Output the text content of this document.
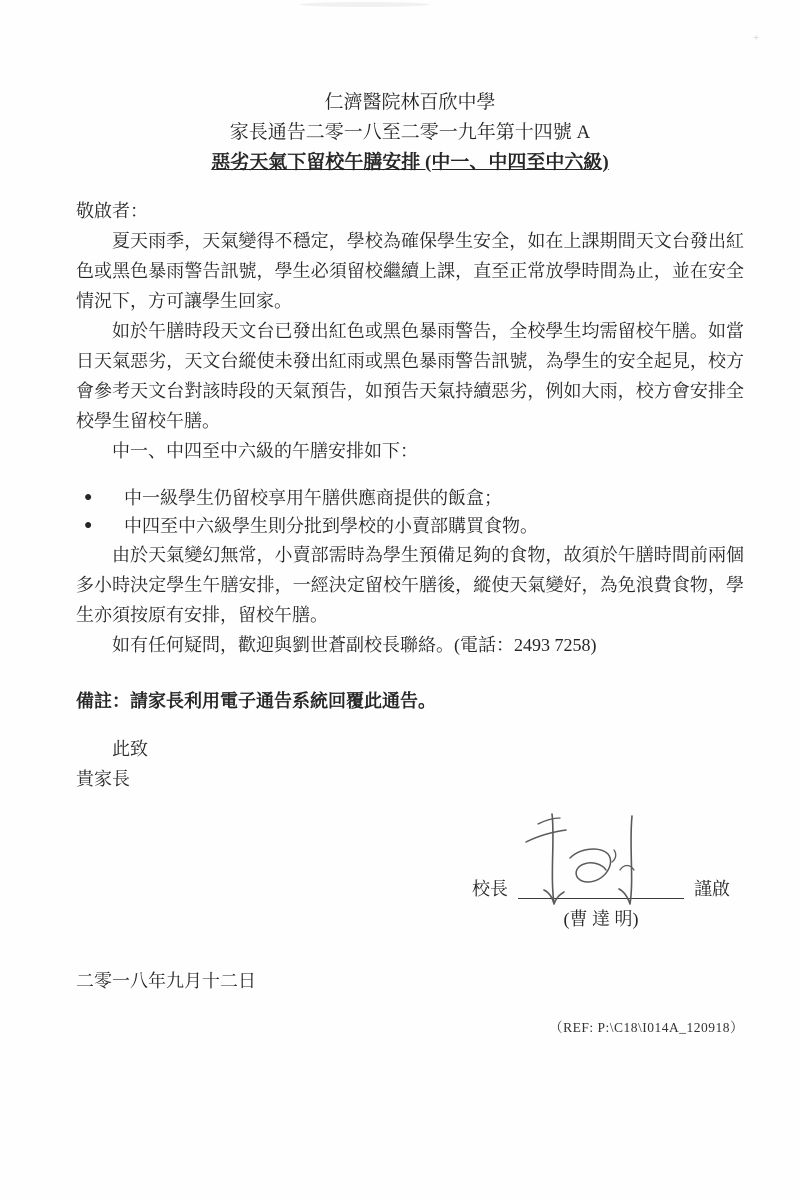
+
仁濟醫院林百欣中學
家長通告二零一八至二零一九年第十四號 A
惡劣天氣下留校午膳安排 (中一、中四至中六級)
敬啟者：

夏天雨季，天氣變得不穩定，學校為確保學生安全，如在上課期間天文台發出紅色或黑色暴雨警告訊號，學生必須留校繼續上課，直至正常放學時間為止，並在安全情況下，方可讓學生回家。

如於午膳時段天文台已發出紅色或黑色暴雨警告，全校學生均需留校午膳。如當日天氣惡劣，天文台縱使未發出紅雨或黑色暴雨警告訊號，為學生的安全起見，校方會參考天文台對該時段的天氣預告，如預告天氣持續惡劣，例如大雨，校方會安排全校學生留校午膳。

中一、中四至中六級的午膳安排如下：

●	中一級學生仍留校享用午膳供應商提供的飯盒；
●	中四至中六級學生則分批到學校的小賣部購買食物。

由於天氣變幻無常，小賣部需時為學生預備足夠的食物，故須於午膳時間前兩個多小時決定學生午膳安排，一經決定留校午膳後，縱使天氣變好，為免浪費食物，學生亦須按原有安排，留校午膳。

如有任何疑問，歡迎與劉世蒼副校長聯絡。(電話：2493 7258)

備註：請家長利用電子通告系統回覆此通告。
此致
貴家長
校長	謹啟
(曹 達 明)
二零一八年九月十二日
（REF: P:\C18\I014A_120918）
